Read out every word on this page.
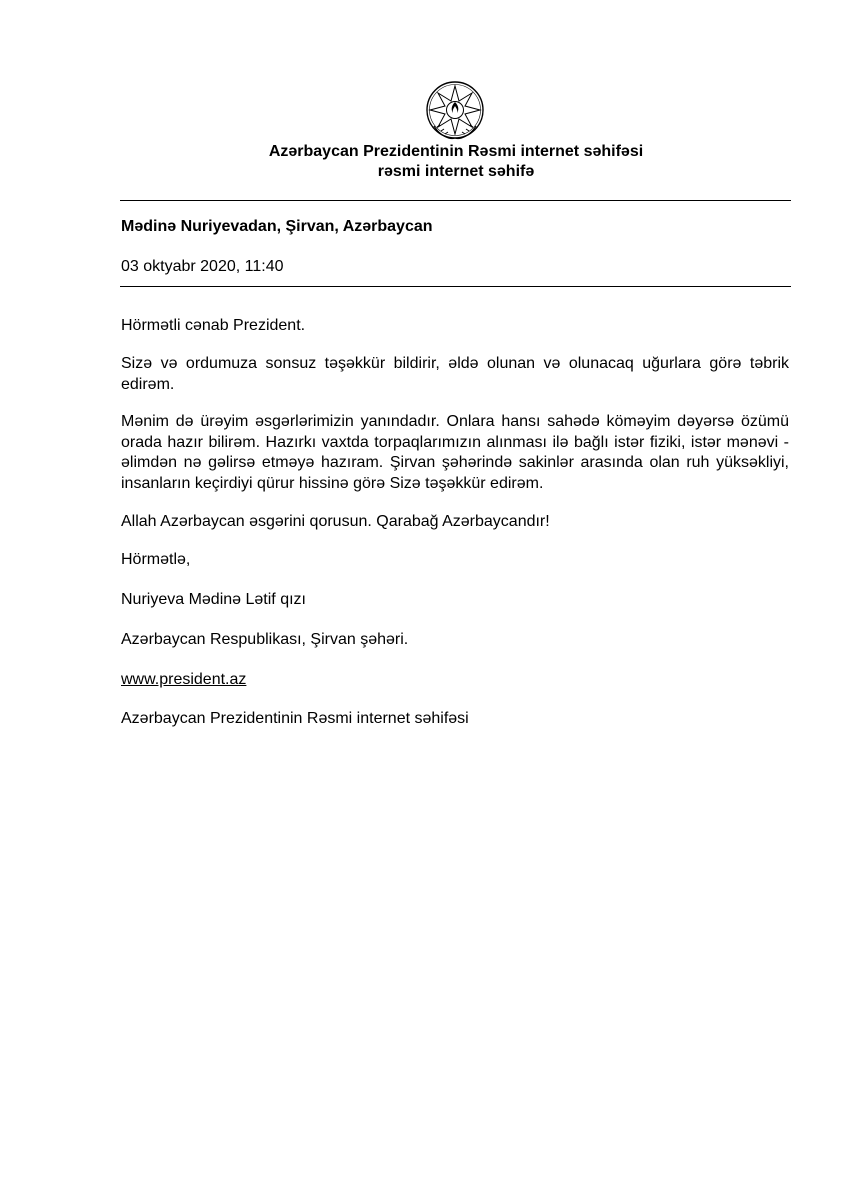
Azərbaycan Prezidentinin Rəsmi internet səhifəsi
rəsmi internet səhifə
Mədinə Nuriyevadan, Şirvan, Azərbaycan
03 oktyabr 2020, 11:40
Hörmətli cənab Prezident.
Sizə və ordumuza sonsuz təşəkkür bildirir, əldə olunan və olunacaq uğurlara görə təbrik edirəm.
Mənim də ürəyim əsgərlərimizin yanındadır. Onlara hansı sahədə köməyim dəyərsə özümü orada hazır bilirəm. Hazırkı vaxtda torpaqlarımızın alınması ilə bağlı istər fiziki, istər mənəvi - əlimdən nə gəlirsə etməyə hazıram. Şirvan şəhərində sakinlər arasında olan ruh yüksəkliyi, insanların keçirdiyi qürur hissinə görə Sizə təşəkkür edirəm.
Allah Azərbaycan əsgərini qorusun. Qarabağ Azərbaycandır!
Hörmətlə,
Nuriyeva Mədinə Lətif qızı
Azərbaycan Respublikası, Şirvan şəhəri.
www.president.az
Azərbaycan Prezidentinin Rəsmi internet səhifəsi
